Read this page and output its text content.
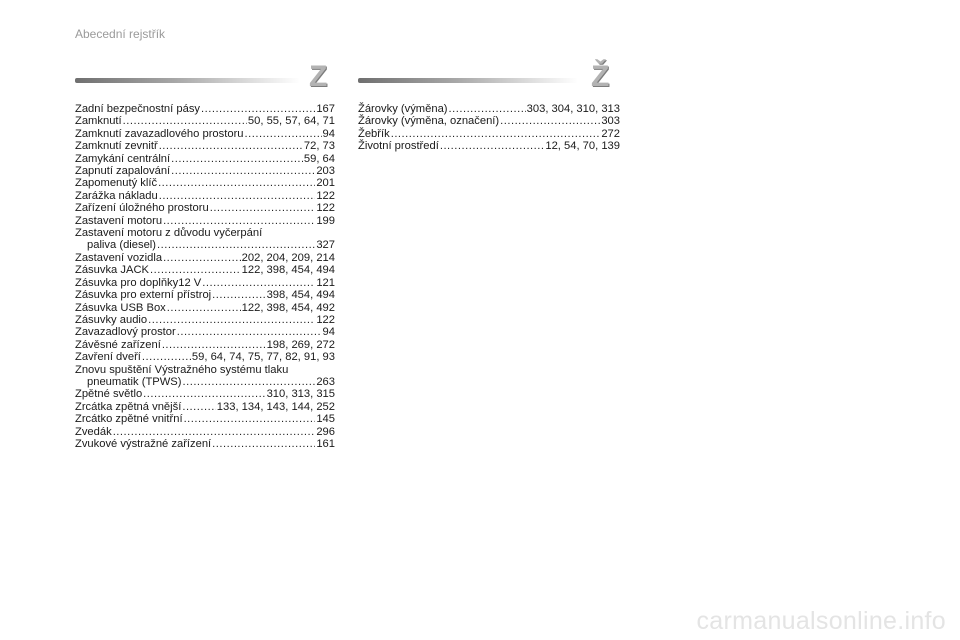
Abecední rejstřík
Z	Ž
Zadní bezpečnostní pásy .....	167
Zamknutí .....	50, 55, 57, 64, 71
Zamknutí zavazadlového prostoru .....	94
Zamknutí zevnitř .....	72, 73
Zamykání centrální .....	59, 64
Zapnutí zapalování .....	203
Zapomenutý klíč .....	201
Zarážka nákladu .....	122
Zařízení úložného prostoru .....	122
Zastavení motoru .....	199
Zastavení motoru z důvodu vyčerpání
paliva (diesel) .....	327
Zastavení vozidla .....	202, 204, 209, 214
Zásuvka JACK .....	122, 398, 454, 494
Zásuvka pro doplňky12 V .....	121
Zásuvka pro externí přístroj .....	398, 454, 494
Zásuvka USB Box .....	122, 398, 454, 492
Zásuvky audio .....	122
Zavazadlový prostor .....	94
Závěsné zařízení .....	198, 269, 272
Zavření dveří .....	59, 64, 74, 75, 77, 82, 91, 93
Znovu spuštění Výstražného systému tlaku
pneumatik (TPWS) .....	263
Zpětné světlo .....	310, 313, 315
Zrcátka zpětná vnější .....	133, 134, 143, 144, 252
Zrcátko zpětné vnitřní .....	145
Zvedák .....	296
Zvukové výstražné zařízení .....	161
Žárovky (výměna) .....	303, 304, 310, 313
Žárovky (výměna, označení) .....	303
Žebřík .....	272
Životní prostředí .....	12, 54, 70, 139
carmanualsonline.info
